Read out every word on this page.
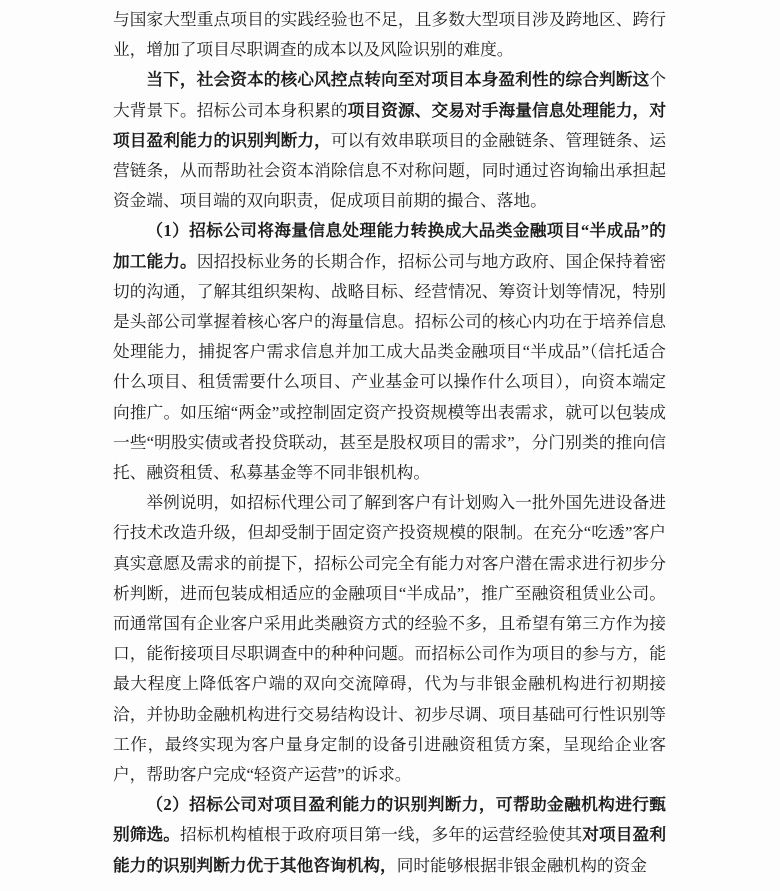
与国家大型重点项目的实践经验也不足，且多数大型项目涉及跨地区、跨行业，增加了项目尽职调查的成本以及风险识别的难度。

当下，社会资本的核心风控点转向至对项目本身盈利性的综合判断这个大背景下。招标公司本身积累的项目资源、交易对手海量信息处理能力，对项目盈利能力的识别判断力，可以有效串联项目的金融链条、管理链条、运营链条，从而帮助社会资本消除信息不对称问题，同时通过咨询输出承担起资金端、项目端的双向职责，促成项目前期的撮合、落地。

（1）招标公司将海量信息处理能力转换成大品类金融项目“半成品”的加工能力。因招投标业务的长期合作，招标公司与地方政府、国企保持着密切的沟通，了解其组织架构、战略目标、经营情况、筹资计划等情况，特别是头部公司掌握着核心客户的海量信息。招标公司的核心内功在于培养信息处理能力，捕捉客户需求信息并加工成大品类金融项目“半成品”（信托适合什么项目、租赁需要什么项目、产业基金可以操作什么项目），向资本端定向推广。如压缩“两金”或控制固定资产投资规模等出表需求，就可以包装成一些“明股实债或者投贷联动，甚至是股权项目的需求”，分门别类的推向信托、融资租赁、私募基金等不同非银机构。

举例说明，如招标代理公司了解到客户有计划购入一批外国先进设备进行技术改造升级，但却受制于固定资产投资规模的限制。在充分“吃透”客户真实意愿及需求的前提下，招标公司完全有能力对客户潜在需求进行初步分析判断，进而包装成相适应的金融项目“半成品”，推广至融资租赁业公司。而通常国有企业客户采用此类融资方式的经验不多，且希望有第三方作为接口，能衔接项目尽职调查中的种种问题。而招标公司作为项目的参与方，能最大程度上降低客户端的双向交流障碍，代为与非银金融机构进行初期接洽，并协助金融机构进行交易结构设计、初步尽调、项目基础可行性识别等工作，最终实现为客户量身定制的设备引进融资租赁方案，呈现给企业客户，帮助客户完成“轻资产运营”的诉求。

（2）招标公司对项目盈利能力的识别判断力，可帮助金融机构进行甄别筛选。招标机构植根于政府项目第一线，多年的运营经验使其对项目盈利能力的识别判断力优于其他咨询机构，同时能够根据非银金融机构的资金
